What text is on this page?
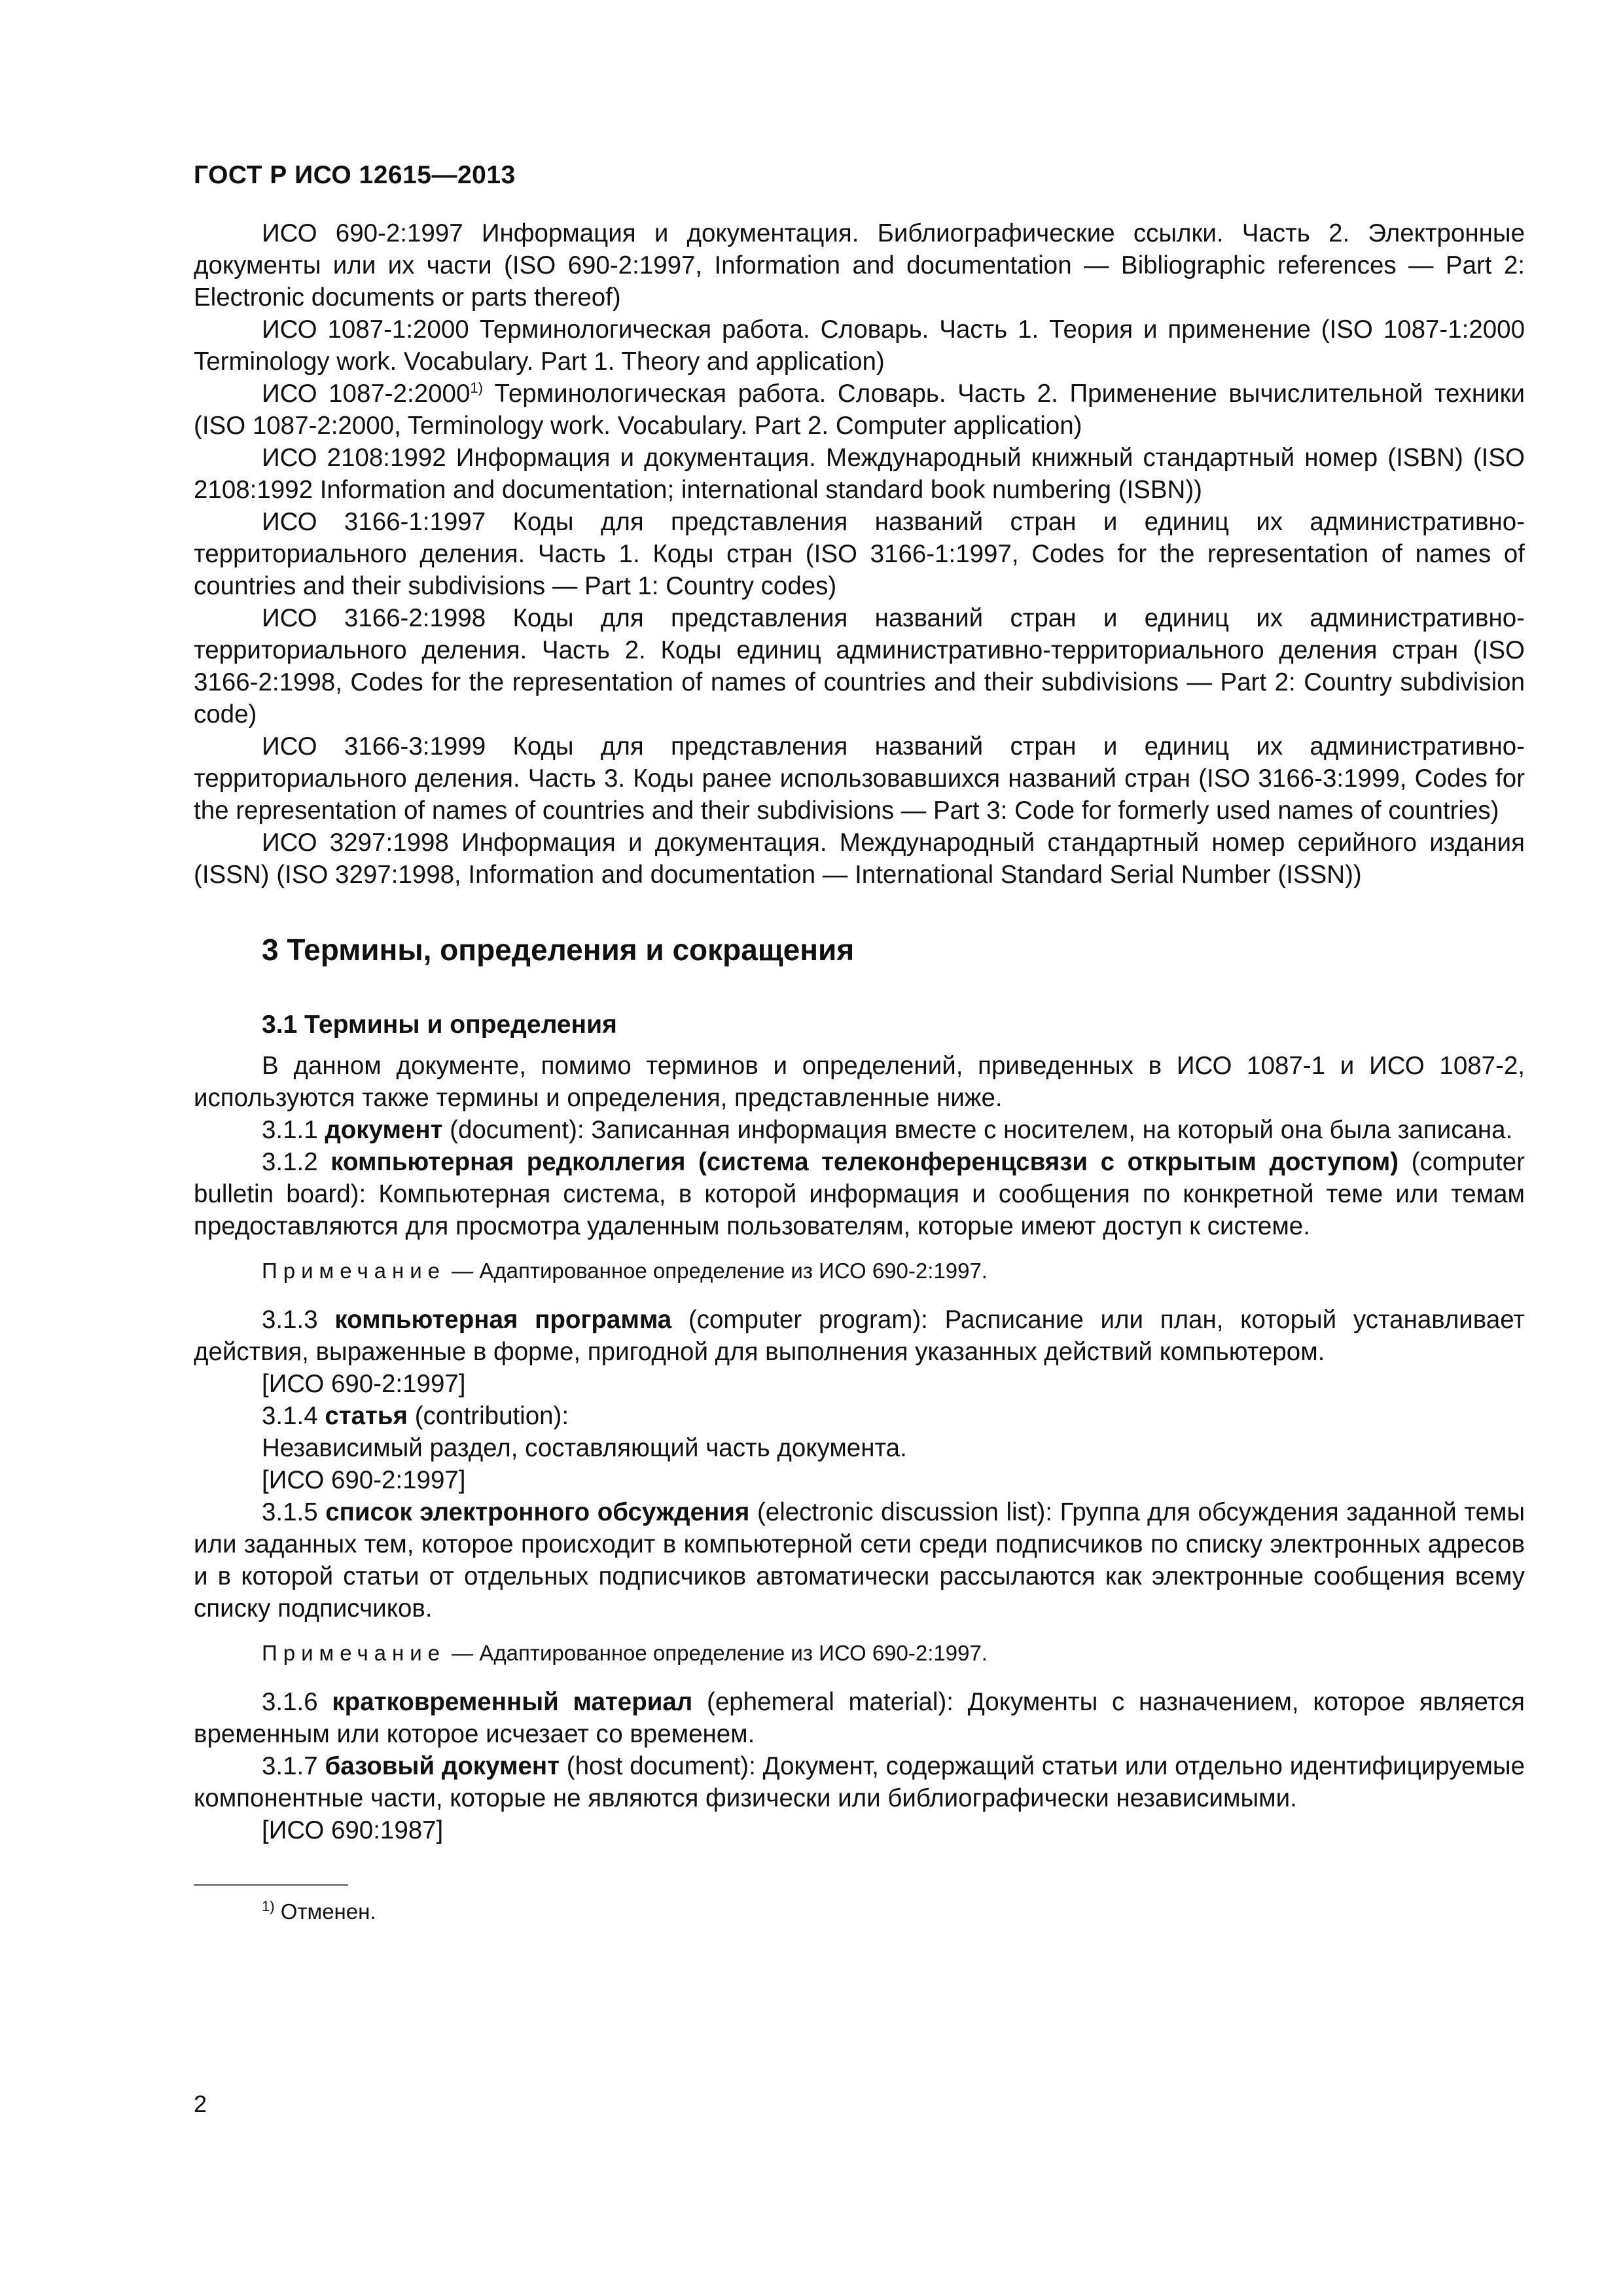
ГОСТ Р ИСО 12615—2013

ИСО 690-2:1997 Информация и документация. Библиографические ссылки. Часть 2. Электронные документы или их части (ISO 690-2:1997, Information and documentation — Bibliographic references — Part 2: Electronic documents or parts thereof)

ИСО 1087-1:2000 Терминологическая работа. Словарь. Часть 1. Теория и применение (ISO 1087-1:2000 Terminology work. Vocabulary. Part 1. Theory and application)

ИСО 1087-2:2000$^{1)}$ Терминологическая работа. Словарь. Часть 2. Применение вычислительной техники (ISO 1087-2:2000, Terminology work. Vocabulary. Part 2. Computer application)

ИСО 2108:1992 Информация и документация. Международный книжный стандартный номер (ISBN) (ISO 2108:1992 Information and documentation; international standard book numbering (ISBN))

ИСО 3166-1:1997 Коды для представления названий стран и единиц их административно-территориального деления. Часть 1. Коды стран (ISO 3166-1:1997, Codes for the representation of names of countries and their subdivisions — Part 1: Country codes)

ИСО 3166-2:1998 Коды для представления названий стран и единиц их административно-территориального деления. Часть 2. Коды единиц административно-территориального деления стран (ISO 3166-2:1998, Codes for the representation of names of countries and their subdivisions — Part 2: Country subdivision code)

ИСО 3166-3:1999 Коды для представления названий стран и единиц их административно-территориального деления. Часть 3. Коды ранее использовавшихся названий стран (ISO 3166-3:1999, Codes for the representation of names of countries and their subdivisions — Part 3: Code for formerly used names of countries)

ИСО 3297:1998 Информация и документация. Международный стандартный номер серийного издания (ISSN) (ISO 3297:1998, Information and documentation — International Standard Serial Number (ISSN))

3 Термины, определения и сокращения
3.1 Термины и определения

В данном документе, помимо терминов и определений, приведенных в ИСО 1087-1 и ИСО 1087-2, используются также термины и определения, представленные ниже.

3.1.1 документ (document): Записанная информация вместе с носителем, на который она была записана.

3.1.2 компьютерная редколлегия (система телеконференцсвязи с открытым доступом) (computer bulletin board): Компьютерная система, в которой информация и сообщения по конкретной теме или темам предоставляются для просмотра удаленным пользователям, которые имеют доступ к системе.

Примечание — Адаптированное определение из ИСО 690-2:1997.

3.1.3 компьютерная программа (computer program): Расписание или план, который устанавливает действия, выраженные в форме, пригодной для выполнения указанных действий компьютером.

[ИСО 690-2:1997]

3.1.4 статья (contribution):

Независимый раздел, составляющий часть документа.

[ИСО 690-2:1997]

3.1.5 список электронного обсуждения (electronic discussion list): Группа для обсуждения заданной темы или заданных тем, которое происходит в компьютерной сети среди подписчиков по списку электронных адресов и в которой статьи от отдельных подписчиков автоматически рассылаются как электронные сообщения всему списку подписчиков.

Примечание — Адаптированное определение из ИСО 690-2:1997.

3.1.6 кратковременный материал (ephemeral material): Документы с назначением, которое является временным или которое исчезает со временем.

3.1.7 базовый документ (host document): Документ, содержащий статьи или отдельно идентифицируемые компонентные части, которые не являются физически или библиографически независимыми.

[ИСО 690:1987]

$^{1)}$ Отменен.
2
